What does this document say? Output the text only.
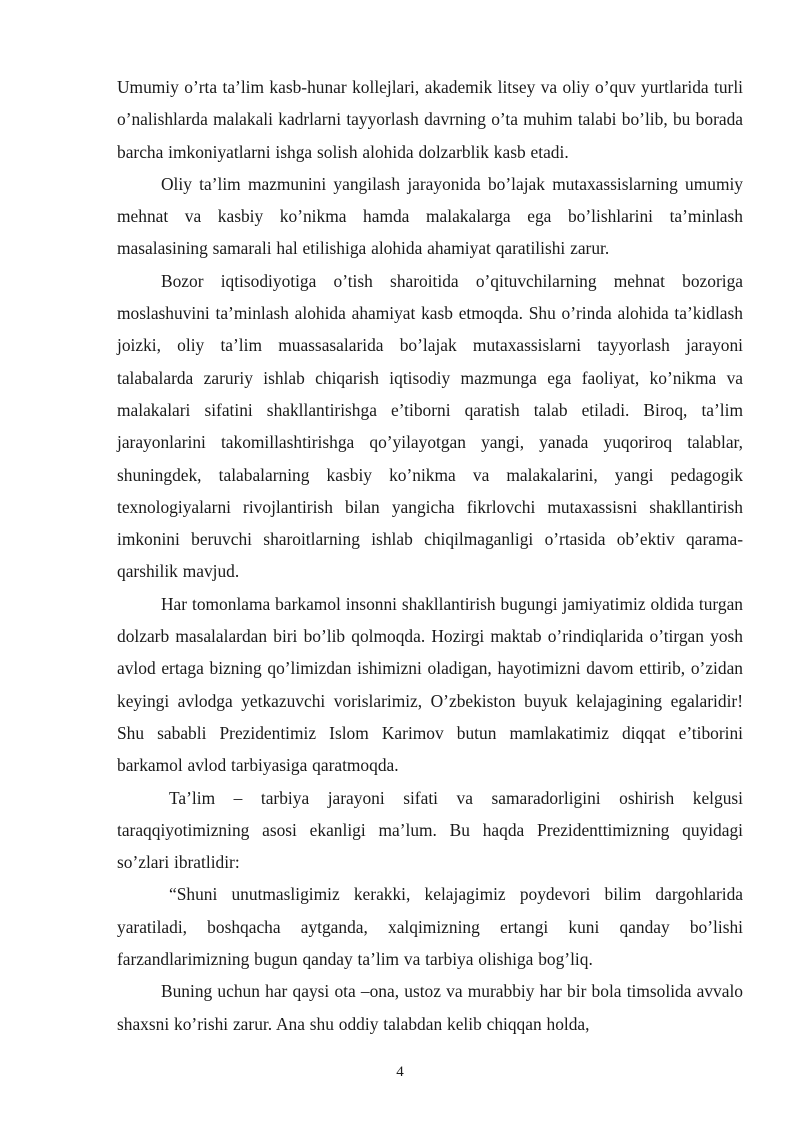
Umumiy o’rta ta’lim kasb-hunar kollejlari, akademik litsey va oliy o’quv yurtlarida turli o’nalishlarda malakali kadrlarni tayyorlash davrning o’ta muhim talabi bo’lib, bu borada barcha imkoniyatlarni ishga solish alohida dolzarblik kasb etadi.

Oliy ta’lim mazmunini yangilash jarayonida bo’lajak mutaxassislarning umumiy mehnat va kasbiy ko’nikma hamda malakalarga ega bo’lishlarini ta’minlash masalasining samarali hal etilishiga alohida ahamiyat qaratilishi zarur.

Bozor iqtisodiyotiga o’tish sharoitida o’qituvchilarning mehnat bozoriga moslashuvini ta’minlash alohida ahamiyat kasb etmoqda. Shu o’rinda alohida ta’kidlash joizki, oliy ta’lim muassasalarida bo’lajak mutaxassislarni tayyorlash jarayoni talabalarda zaruriy ishlab chiqarish iqtisodiy mazmunga ega faoliyat, ko’nikma va malakalari sifatini shakllantirishga e’tiborni qaratish talab etiladi. Biroq, ta’lim jarayonlarini takomillashtirishga qo’yilayotgan yangi, yanada yuqoriroq talablar, shuningdek, talabalarning kasbiy ko’nikma va malakalarini, yangi pedagogik texnologiyalarni rivojlantirish bilan yangicha fikrlovchi mutaxassisni shakllantirish imkonini beruvchi sharoitlarning ishlab chiqilmaganligi o’rtasida ob’ektiv qarama-qarshilik mavjud.

Har tomonlama barkamol insonni shakllantirish bugungi jamiyatimiz oldida turgan dolzarb masalalardan biri bo’lib qolmoqda. Hozirgi maktab o’rindiqlarida o’tirgan yosh avlod ertaga bizning qo’limizdan ishimizni oladigan, hayotimizni davom ettirib, o’zidan keyingi avlodga yetkazuvchi vorislarimiz, O’zbekiston buyuk kelajagining egalaridir! Shu sababli Prezidentimiz Islom Karimov butun mamlakatimiz diqqat e’tiborini barkamol avlod tarbiyasiga qaratmoqda.

Ta’lim – tarbiya jarayoni sifati va samaradorligini oshirish kelgusi taraqqiyotimizning asosi ekanligi ma’lum. Bu haqda Prezidenttimizning quyidagi so’zlari ibratlidir:

“Shuni unutmasligimiz kerakki, kelajagimiz poydevori bilim dargohlarida yaratiladi, boshqacha aytganda, xalqimizning ertangi kuni qanday bo’lishi farzandlarimizning bugun qanday ta’lim va tarbiya olishiga bog’liq.

Buning uchun har qaysi ota –ona, ustoz va murabbiy har bir bola timsolida avvalo shaxsni ko’rishi zarur. Ana shu oddiy talabdan kelib chiqqan holda,

4
